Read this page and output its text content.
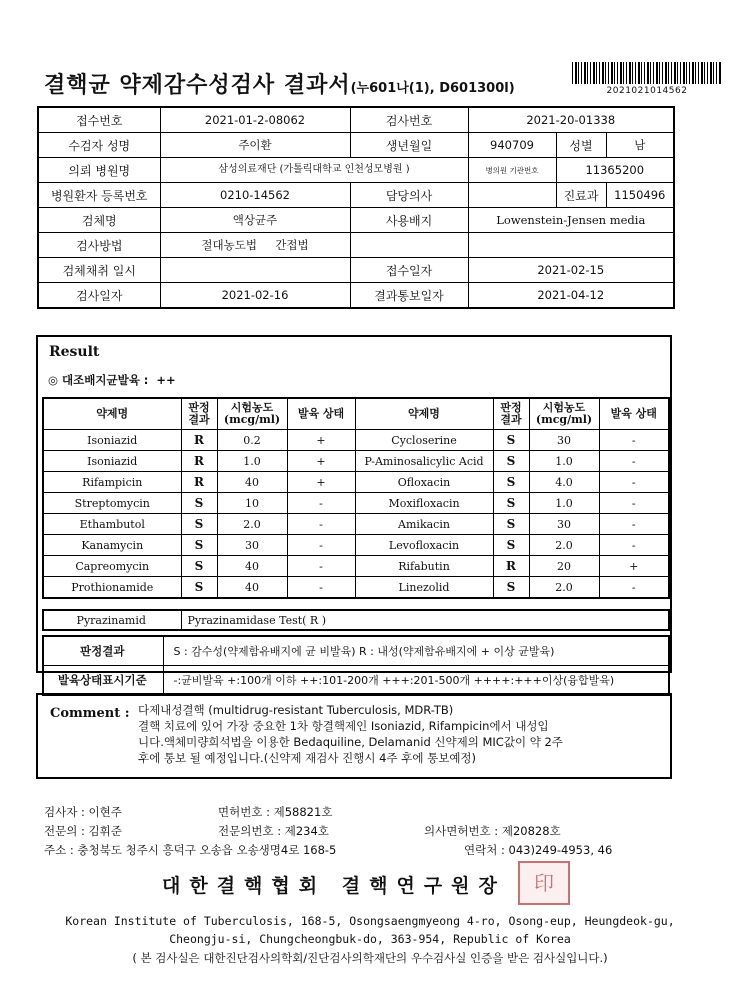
결핵균 약제감수성검사 결과서(누601나(1), D601300l)	20210210145​62
접수번호	2021-01-2-08062	검사번호	2021-20-01338		
수검자 성명	주이환	생년월일	940709	성별	남
의뢰 병원명	삼성의료재단 (가톨릭대학교 인천성모병원 )		병의원 기관번호	11365200	
병원환자 등록번호	0210-14562	담당의사		진료과	1150496
검체명	액상균주	사용배지	Lowenstein-Jensen media		
검사방법	절대농도법 간접법				
검체채취 일시		접수일자	2021-02-15		
검사일자	2021-02-16	결과통보일자	2021-04-12		
Result
◎ 대조배지균발육 : ++
약제명	판정 결과	시험농도 (mcg/ml)	발육 상태	약제명	판정 결과	시험농도 (mcg/ml)	발육 상태
Isoniazid	R	0.2	+	Cycloserine	S	30	-
Isoniazid	R	1.0	+	P-Aminosalicylic Acid	S	1.0	-
Rifampicin	R	40	+	Ofloxacin	S	4.0	-
Streptomycin	S	10	-	Moxifloxacin	S	1.0	-
Ethambutol	S	2.0	-	Amikacin	S	30	-
Kanamycin	S	30	-	Levofloxacin	S	2.0	-
Capreomycin	S	40	-	Rifabutin	R	20	+
Prothionamide	S	40	-	Linezolid	S	2.0	-
Pyrazinamid	Pyrazinamidase Test( R )
판정결과	S : 감수성(약제함유배지에 균 비발육) R : 내성(약제함유배지에 + 이상 균발육)
발육상태표시기준	-:균비발육 +:100개 이하 ++:101-200개 +++:201-500개 ++++:+++이상(융합발육)
Comment : 다제내성결핵 (multidrug-resistant Tuberculosis, MDR-TB)
결핵 치료에 있어 가장 중요한 1차 항결핵제인 Isoniazid, Rifampicin에서 내성입
니다.액체미량희석법을 이용한 Bedaquiline, Delamanid 신약제의 MIC값이 약 2주
후에 통보 될 예정입니다.(신약제 재검사 진행시 4주 후에 통보예정)
검사자 : 이현주	면허번호 : 제58821호
전문의 : 김휘준	전문의번호 : 제234호	의사면허번호 : 제20828호
주소 : 충청북도 청주시 흥덕구 오송읍 오송생명4로 168-5	연락처 : 043)249-4953, 46
대한결핵협회 결핵연구원장	印
Korean Institute of Tuberculosis, 168-5, Osongsaengmyeong 4-ro, Osong-eup, Heungdeok-gu,
Cheongju-si, Chungcheongbuk-do, 363-954, Republic of Korea
( 본 검사실은 대한진단검사의학회/진단검사의학재단의 우수검사실 인증을 받은 검사실입니다.)
